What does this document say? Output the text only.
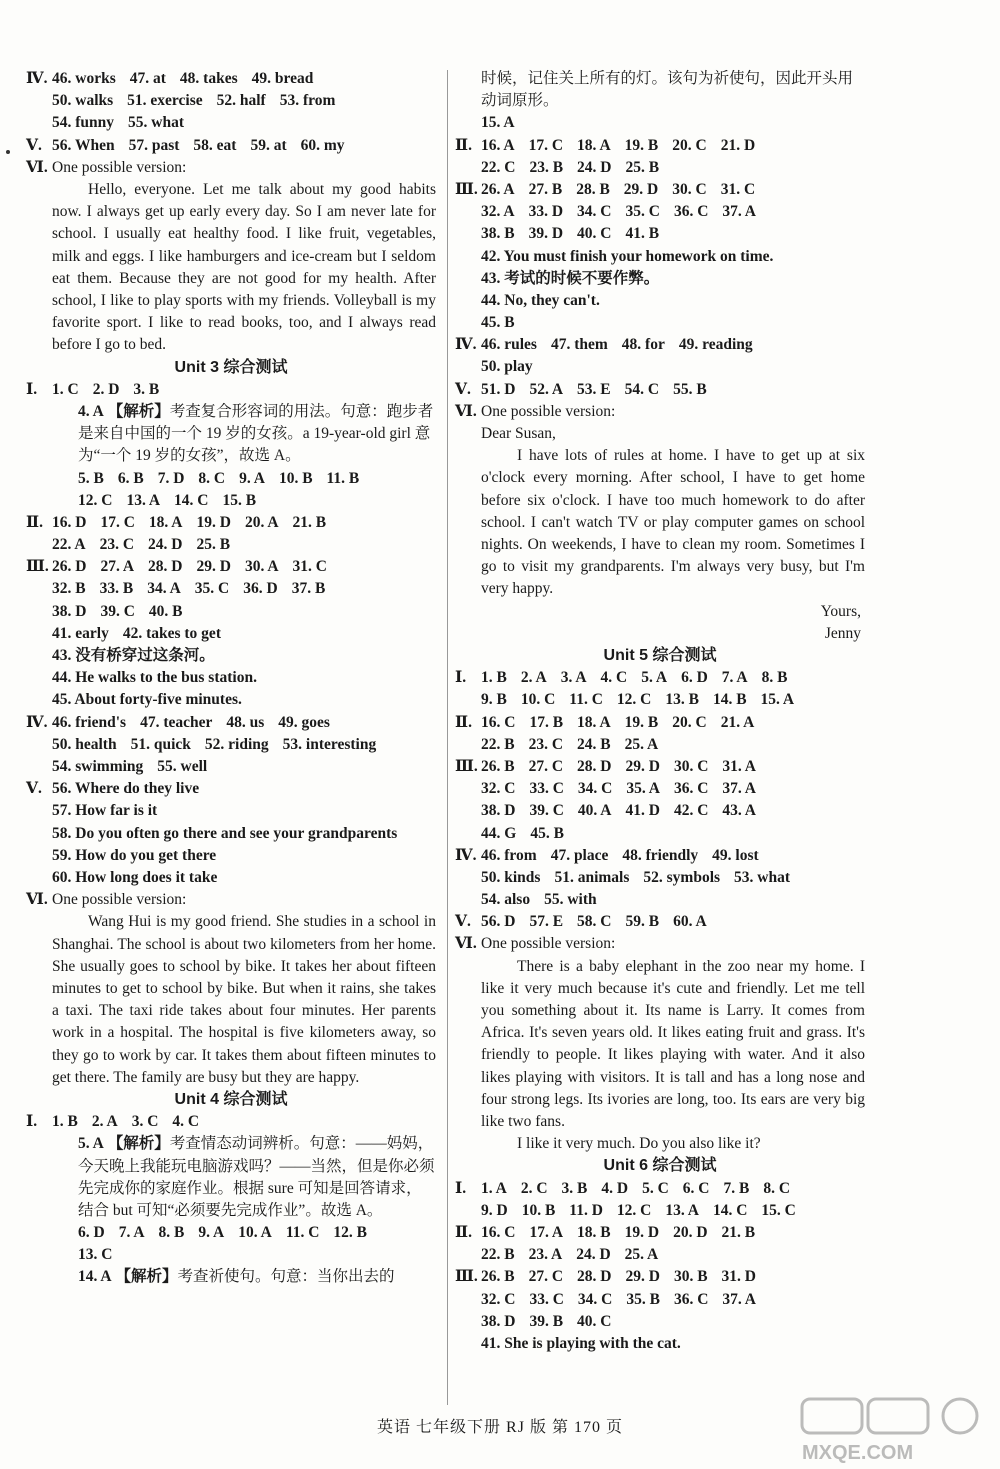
Ⅳ. 46. works 47. at 48. takes 49. bread
50. walks 51. exercise 52. half 53. from
54. funny 55. what
Ⅴ. 56. When 57. past 58. eat 59. at 60. my
Ⅵ. One possible version:

Hello, everyone. Let me talk about my good habits now. I always get up early every day. So I am never late for school. I usually eat healthy food. I like fruit, vegetables, milk and eggs. I like hamburgers and ice-cream but I seldom eat them. Because they are not good for my health. After school, I like to play sports with my friends. Volleyball is my favorite sport. I like to read books, too, and I always read before I go to bed.

Unit 3 综合测试
Ⅰ. 1. C 2. D 3. B
4. A 【解析】考查复合形容词的用法。句意：跑步者是来自中国的一个 19 岁的女孩。a 19-year-old girl 意为“一个 19 岁的女孩”，故选 A。
5. B 6. B 7. D 8. C 9. A 10. B 11. B
12. C 13. A 14. C 15. B
Ⅱ. 16. D 17. C 18. A 19. D 20. A 21. B
22. A 23. C 24. D 25. B
Ⅲ. 26. D 27. A 28. D 29. D 30. A 31. C
32. B 33. B 34. A 35. C 36. D 37. B
38. D 39. C 40. B
41. early 42. takes to get
43. 没有桥穿过这条河。
44. He walks to the bus station.
45. About forty-five minutes.
Ⅳ. 46. friend's 47. teacher 48. us 49. goes
50. health 51. quick 52. riding 53. interesting
54. swimming 55. well
Ⅴ. 56. Where do they live
57. How far is it
58. Do you often go there and see your grandparents
59. How do you get there
60. How long does it take
Ⅵ. One possible version:

Wang Hui is my good friend. She studies in a school in Shanghai. The school is about two kilometers from her home. She usually goes to school by bike. It takes her about fifteen minutes to get to school by bike. But when it rains, she takes a taxi. The taxi ride takes about four minutes. Her parents work in a hospital. The hospital is five kilometers away, so they go to work by car. It takes them about fifteen minutes to get there. The family are busy but they are happy.

Unit 4 综合测试
Ⅰ. 1. B 2. A 3. C 4. C
5. A 【解析】考查情态动词辨析。句意：——妈妈，今天晚上我能玩电脑游戏吗？——当然，但是你必须先完成你的家庭作业。根据 sure 可知是回答请求，结合 but 可知“必须要先完成作业”。故选 A。
6. D 7. A 8. B 9. A 10. A 11. C 12. B
13. C
14. A 【解析】考查祈使句。句意：当你出去的
时候，记住关上所有的灯。该句为祈使句，因此开头用动词原形。
15. A
Ⅱ. 16. A 17. C 18. A 19. B 20. C 21. D
22. C 23. B 24. D 25. B
Ⅲ. 26. A 27. B 28. B 29. D 30. C 31. C
32. A 33. D 34. C 35. C 36. C 37. A
38. B 39. D 40. C 41. B
42. You must finish your homework on time.
43. 考试的时候不要作弊。
44. No, they can't.
45. B
Ⅳ. 46. rules 47. them 48. for 49. reading
50. play
Ⅴ. 51. D 52. A 53. E 54. C 55. B
Ⅵ. One possible version:
Dear Susan,

I have lots of rules at home. I have to get up at six o'clock every morning. After school, I have to get home before six o'clock. I have too much homework to do after school. I can't watch TV or play computer games on school nights. On weekends, I have to clean my room. Sometimes I go to visit my grandparents. I'm always very busy, but I'm very happy.

Yours,
Jenny
Unit 5 综合测试
Ⅰ. 1. B 2. A 3. A 4. C 5. A 6. D 7. A 8. B
9. B 10. C 11. C 12. C 13. B 14. B 15. A
Ⅱ. 16. C 17. B 18. A 19. B 20. C 21. A
22. B 23. C 24. B 25. A
Ⅲ. 26. B 27. C 28. D 29. D 30. C 31. A
32. C 33. C 34. C 35. A 36. C 37. A
38. D 39. C 40. A 41. D 42. C 43. A
44. G 45. B
Ⅳ. 46. from 47. place 48. friendly 49. lost
50. kinds 51. animals 52. symbols 53. what
54. also 55. with
Ⅴ. 56. D 57. E 58. C 59. B 60. A
Ⅵ. One possible version:

There is a baby elephant in the zoo near my home. I like it very much because it's cute and friendly. Let me tell you something about it. Its name is Larry. It comes from Africa. It's seven years old. It likes eating fruit and grass. It's friendly to people. It likes playing with water. And it also likes playing with visitors. It is tall and has a long nose and four strong legs. Its ivories are long, too. Its ears are very big like two fans.

I like it very much. Do you also like it?

Unit 6 综合测试
Ⅰ. 1. A 2. C 3. B 4. D 5. C 6. C 7. B 8. C
9. D 10. B 11. D 12. C 13. A 14. C 15. C
Ⅱ. 16. C 17. A 18. B 19. D 20. D 21. B
22. B 23. A 24. D 25. A
Ⅲ. 26. B 27. C 28. D 29. D 30. B 31. D
32. C 33. C 34. C 35. B 36. C 37. A
38. D 39. B 40. C
41. She is playing with the cat.
英语 七年级下册 RJ 版 第 170 页
MXQE.COM
